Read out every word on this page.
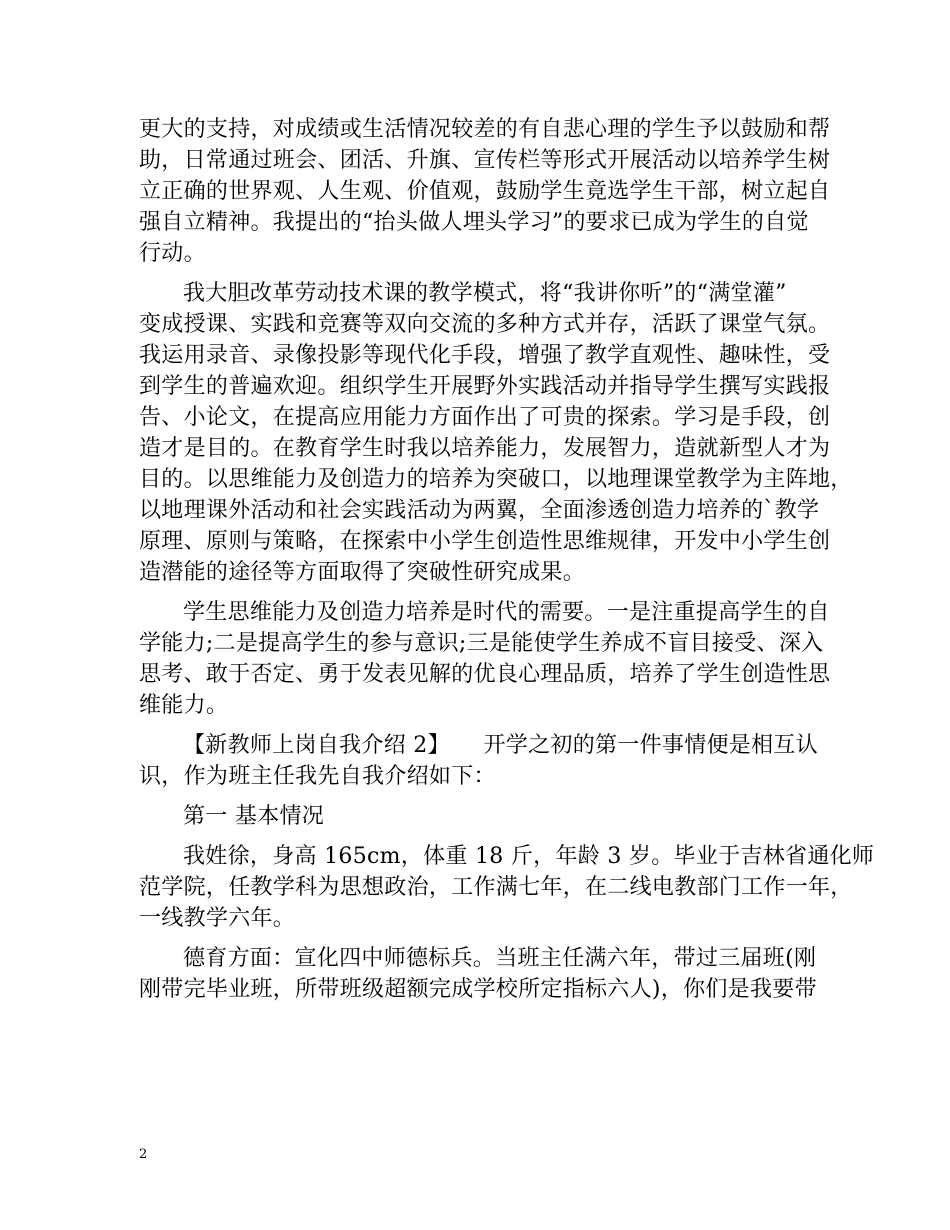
更大的支持，对成绩或生活情况较差的有自悲心理的学生予以鼓励和帮
助，日常通过班会、团活、升旗、宣传栏等形式开展活动以培养学生树
立正确的世界观、人生观、价值观，鼓励学生竟选学生干部，树立起自
强自立精神。我提出的“抬头做人埋头学习”的要求已成为学生的自觉
行动。
我大胆改革劳动技术课的教学模式，将“我讲你听”的“满堂灌”
变成授课、实践和竞赛等双向交流的多种方式并存，活跃了课堂气氛。
我运用录音、录像投影等现代化手段，增强了教学直观性、趣味性，受
到学生的普遍欢迎。组织学生开展野外实践活动并指导学生撰写实践报
告、小论文，在提高应用能力方面作出了可贵的探索。学习是手段，创
造才是目的。在教育学生时我以培养能力，发展智力，造就新型人才为
目的。以思维能力及创造力的培养为突破口，以地理课堂教学为主阵地，
以地理课外活动和社会实践活动为两翼，全面渗透创造力培养的`教学
原理、原则与策略，在探索中小学生创造性思维规律，开发中小学生创
造潜能的途径等方面取得了突破性研究成果。
学生思维能力及创造力培养是时代的需要。一是注重提高学生的自
学能力;二是提高学生的参与意识;三是能使学生养成不盲目接受、深入
思考、敢于否定、勇于发表见解的优良心理品质，培养了学生创造性思
维能力。
【新教师上岗自我介绍 2】　　开学之初的第一件事情便是相互认
识，作为班主任我先自我介绍如下：
第一 基本情况
我姓徐，身高 165cm，体重 18 斤，年龄 3 岁。毕业于吉林省通化师
范学院，任教学科为思想政治，工作满七年，在二线电教部门工作一年，
一线教学六年。
德育方面：宣化四中师德标兵。当班主任满六年，带过三届班(刚
刚带完毕业班，所带班级超额完成学校所定指标六人)，你们是我要带
2
